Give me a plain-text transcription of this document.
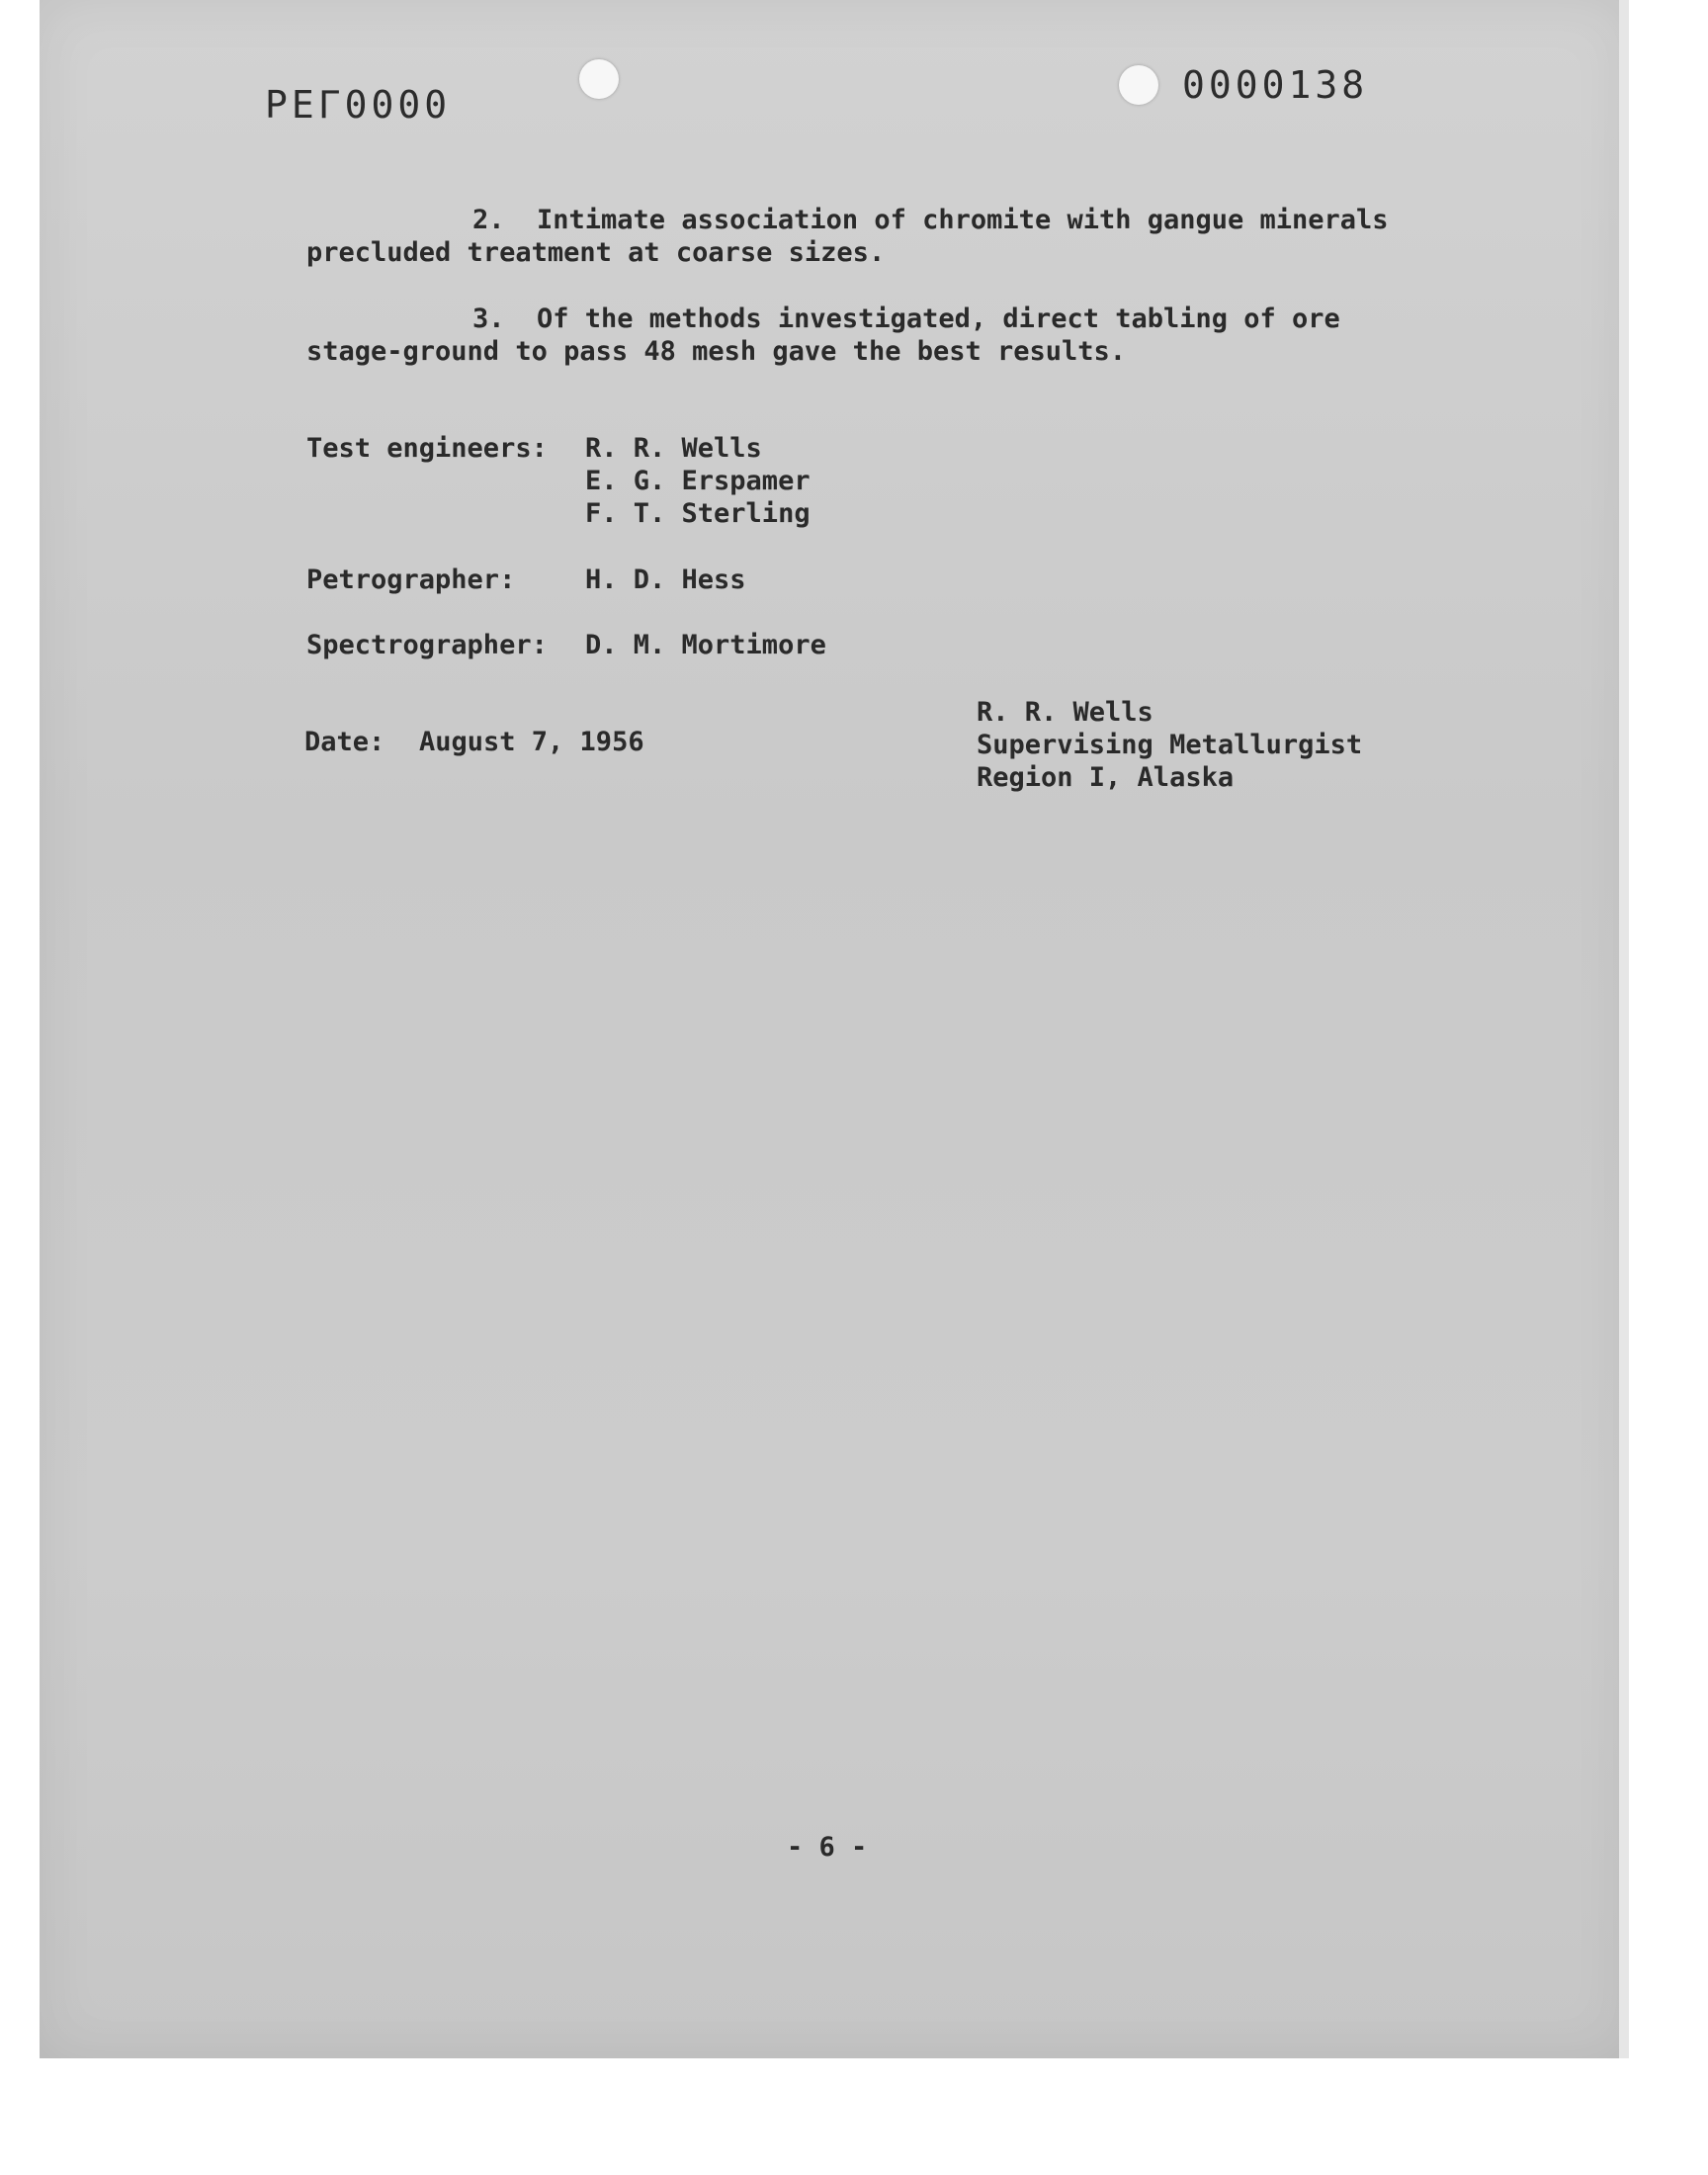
PEΓ0000	0000138
2.  Intimate association of chromite with gangue minerals
precluded treatment at coarse sizes.
3.  Of the methods investigated, direct tabling of ore
stage-ground to pass 48 mesh gave the best results.
Test engineers: R. R. Wells
E. G. Erspamer
F. T. Sterling
Petrographer:	H. D. Hess
Spectrographer: D. M. Mortimore
Date: August 7, 1956
R. R. Wells
Supervising Metallurgist
Region I, Alaska
- 6 -
